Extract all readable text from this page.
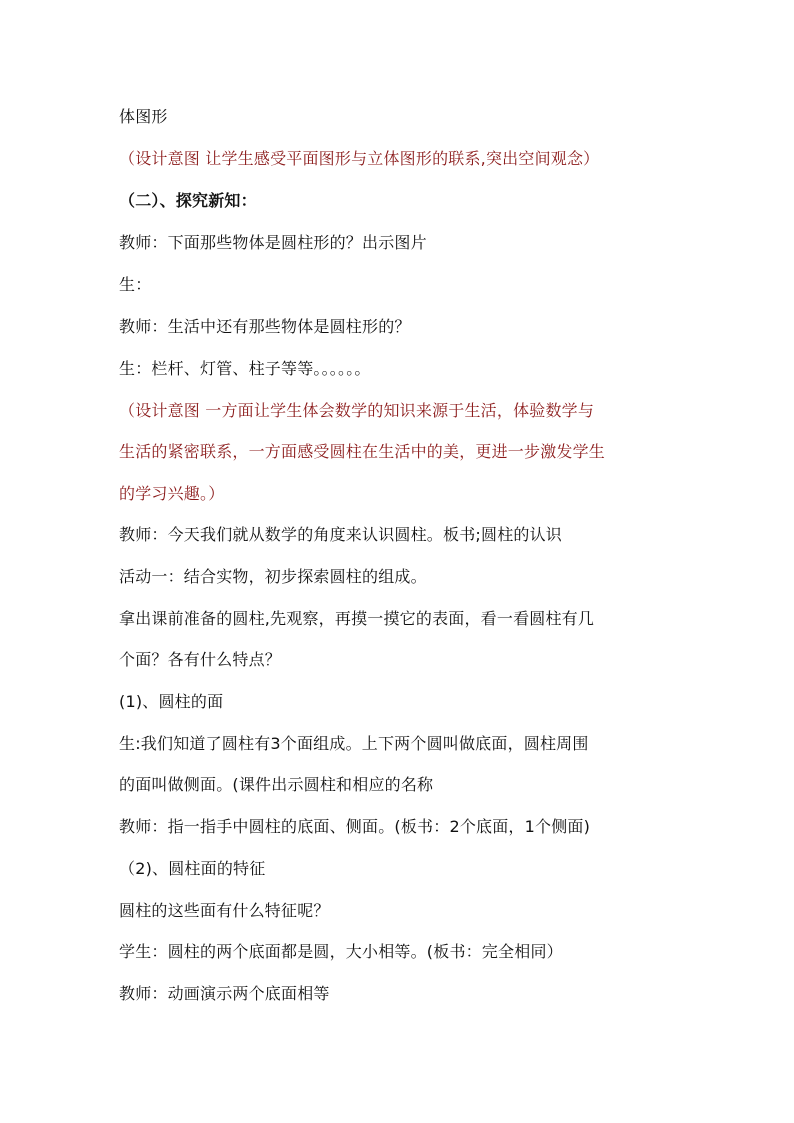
体图形
（设计意图 让学生感受平面图形与立体图形的联系,突出空间观念）
（二）、探究新知：
教师：下面那些物体是圆柱形的？出示图片
生：
教师：生活中还有那些物体是圆柱形的？
生：栏杆、灯管、柱子等等。。。。。。
（设计意图 一方面让学生体会数学的知识来源于生活，体验数学与
生活的紧密联系，一方面感受圆柱在生活中的美，更进一步激发学生
的学习兴趣。）
教师：今天我们就从数学的角度来认识圆柱。板书;圆柱的认识
活动一：结合实物，初步探索圆柱的组成。
拿出课前准备的圆柱,先观察，再摸一摸它的表面，看一看圆柱有几
个面？各有什么特点？
(1)、圆柱的面
生:我们知道了圆柱有3个面组成。上下两个圆叫做底面，圆柱周围
的面叫做侧面。(课件出示圆柱和相应的名称
教师：指一指手中圆柱的底面、侧面。(板书：2个底面，1个侧面)
（2)、圆柱面的特征
圆柱的这些面有什么特征呢？
学生：圆柱的两个底面都是圆，大小相等。(板书：完全相同）
教师：动画演示两个底面相等
